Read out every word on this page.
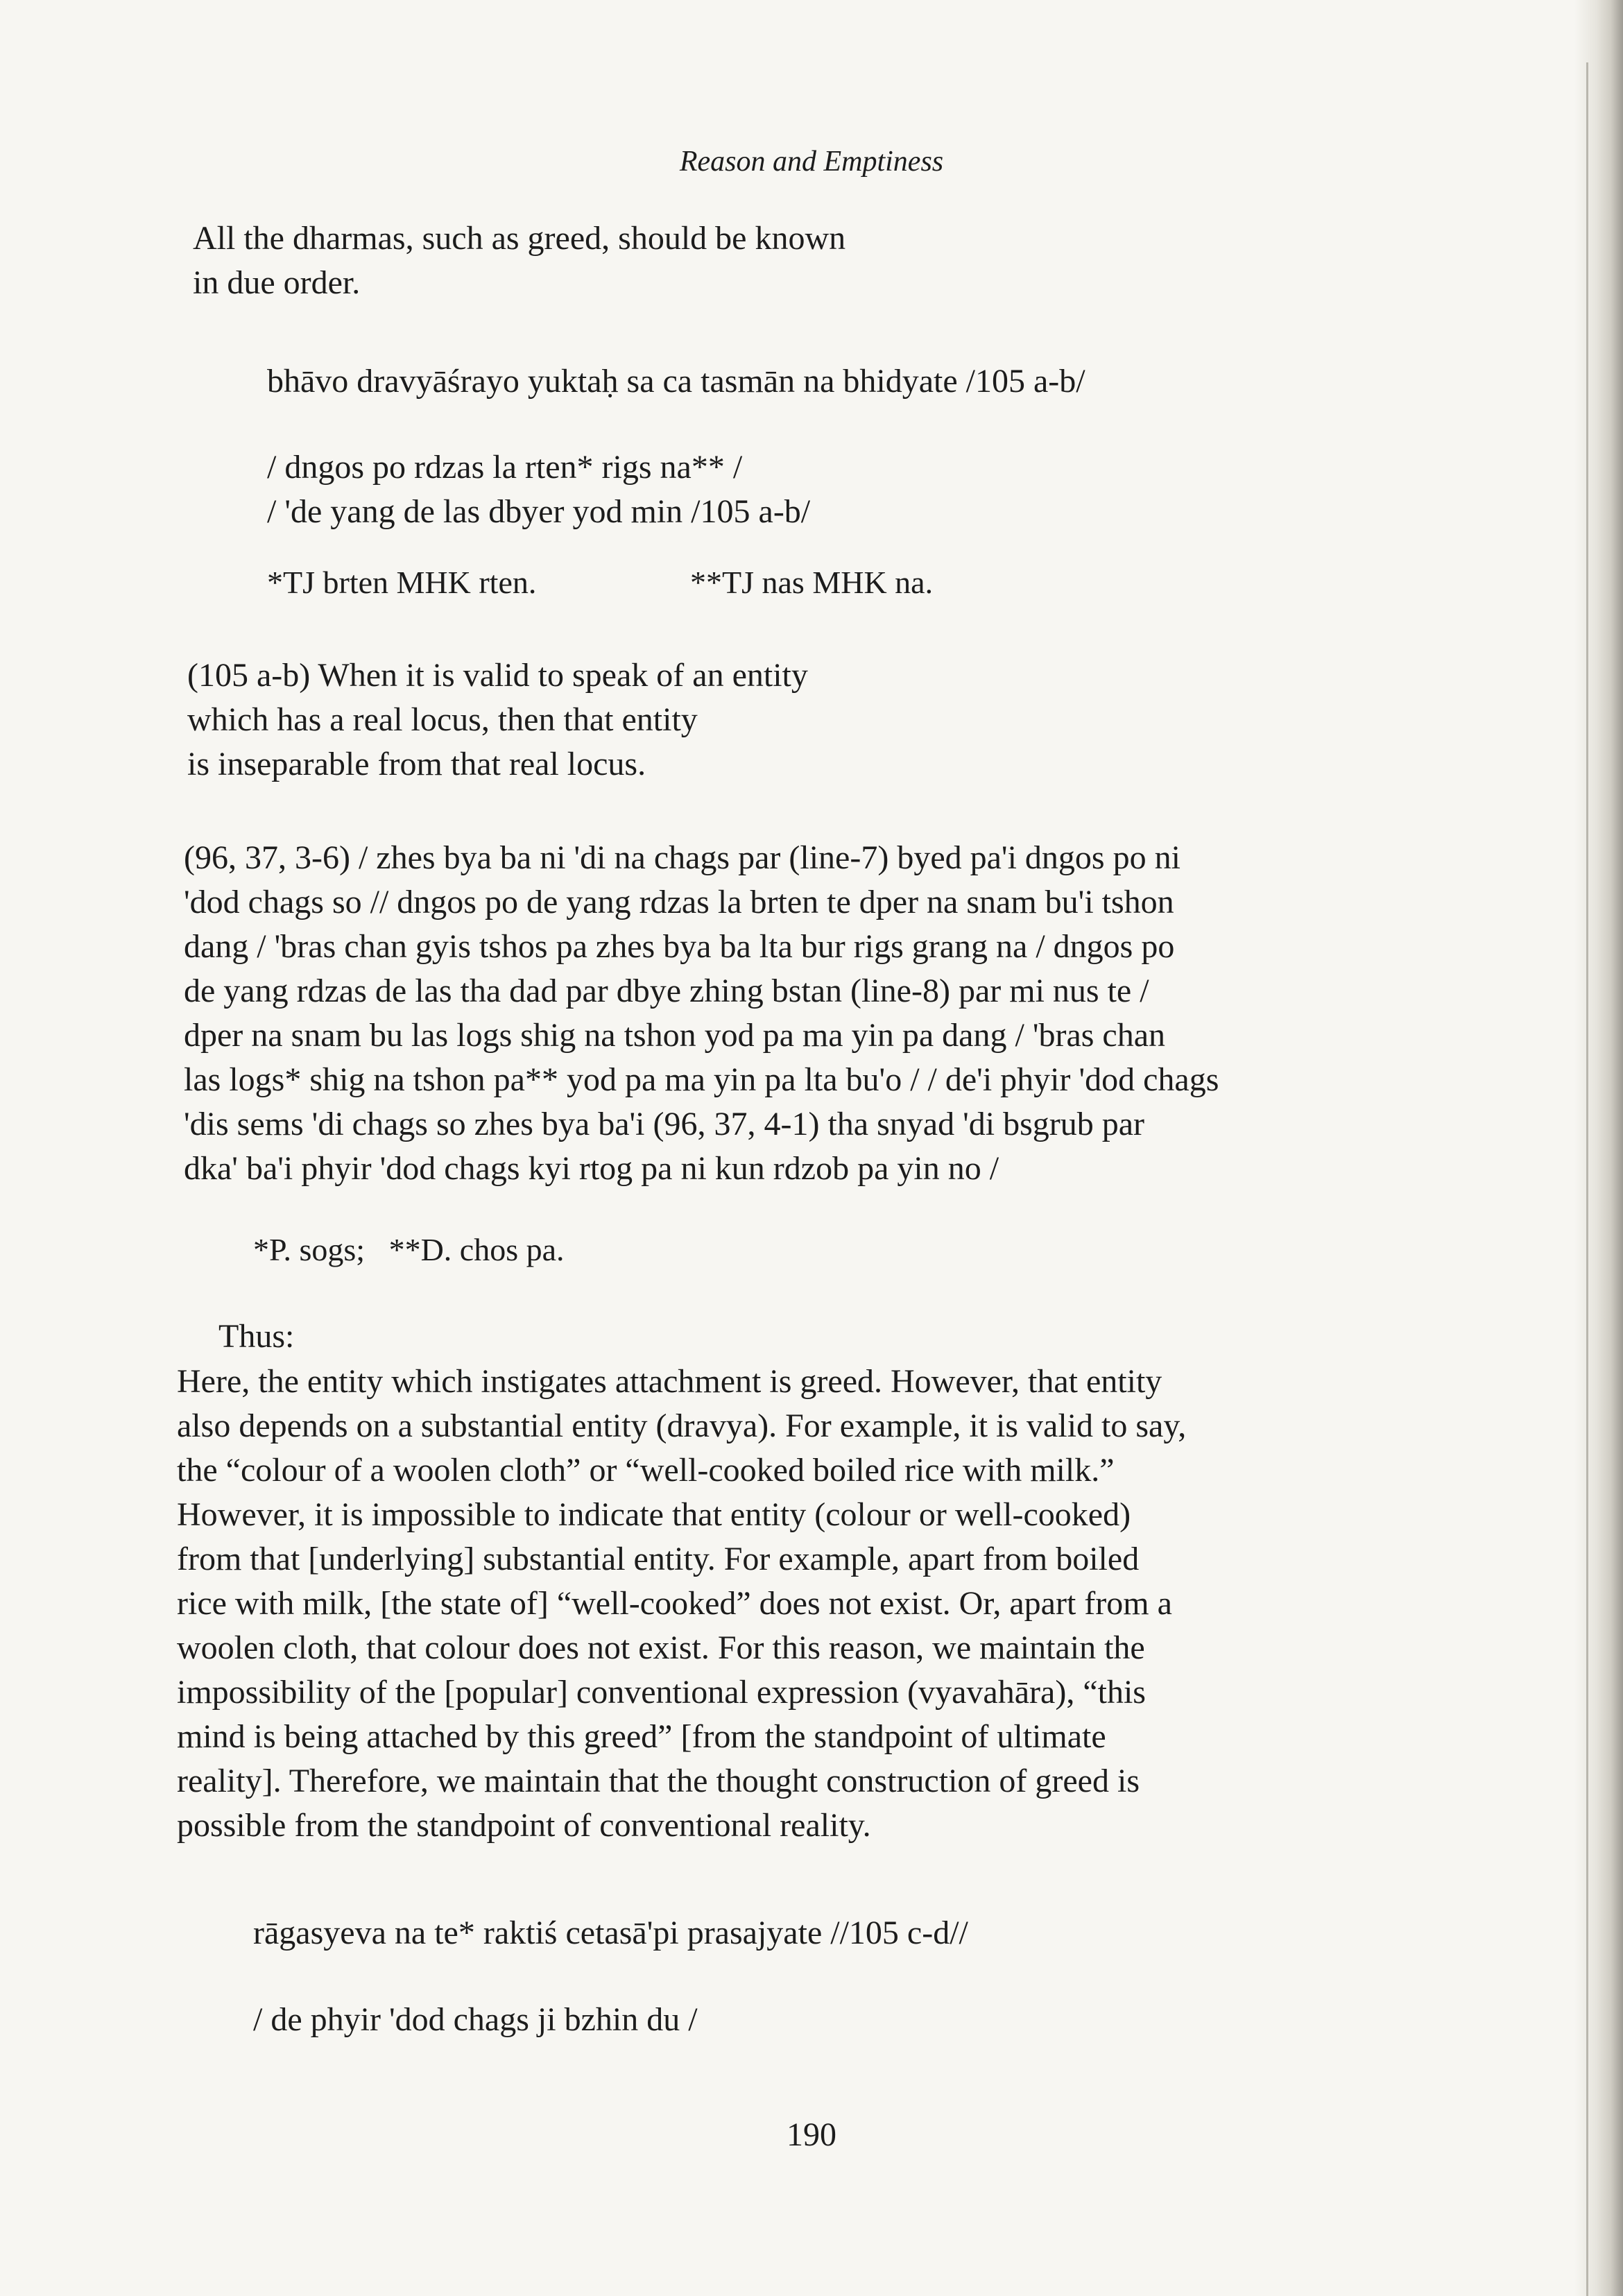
Reason and Emptiness
All the dharmas, such as greed, should be known
in due order.
bhāvo dravyāśrayo yuktaḥ sa ca tasmān na bhidyate /105 a-b/
/ dngos po rdzas la rten* rigs na** /
/ 'de yang de las dbyer yod min /105 a-b/
*TJ brten MHK rten.	**TJ nas MHK na.
(105 a-b) When it is valid to speak of an entity
which has a real locus, then that entity
is inseparable from that real locus.
(96, 37, 3-6) / zhes bya ba ni 'di na chags par (line-7) byed pa'i dngos po ni
'dod chags so // dngos po de yang rdzas la brten te dper na snam bu'i tshon
dang / 'bras chan gyis tshos pa zhes bya ba lta bur rigs grang na / dngos po
de yang rdzas de las tha dad par dbye zhing bstan (line-8) par mi nus te /
dper na snam bu las logs shig na tshon yod pa ma yin pa dang / 'bras chan
las logs* shig na tshon pa** yod pa ma yin pa lta bu'o / / de'i phyir 'dod chags
'dis sems 'di chags so zhes bya ba'i (96, 37, 4-1) tha snyad 'di bsgrub par
dka' ba'i phyir 'dod chags kyi rtog pa ni kun rdzob pa yin no /
*P. sogs;   **D. chos pa.
Thus:
Here, the entity which instigates attachment is greed. However, that entity
also depends on a substantial entity (dravya). For example, it is valid to say,
the “colour of a woolen cloth” or “well-cooked boiled rice with milk.”
However, it is impossible to indicate that entity (colour or well-cooked)
from that [underlying] substantial entity. For example, apart from boiled
rice with milk, [the state of] “well-cooked” does not exist. Or, apart from a
woolen cloth, that colour does not exist. For this reason, we maintain the
impossibility of the [popular] conventional expression (vyavahāra), “this
mind is being attached by this greed” [from the standpoint of ultimate
reality]. Therefore, we maintain that the thought construction of greed is
possible from the standpoint of conventional reality.
rāgasyeva na te* raktiś cetasā'pi prasajyate //105 c-d//
/ de phyir 'dod chags ji bzhin du /
190
